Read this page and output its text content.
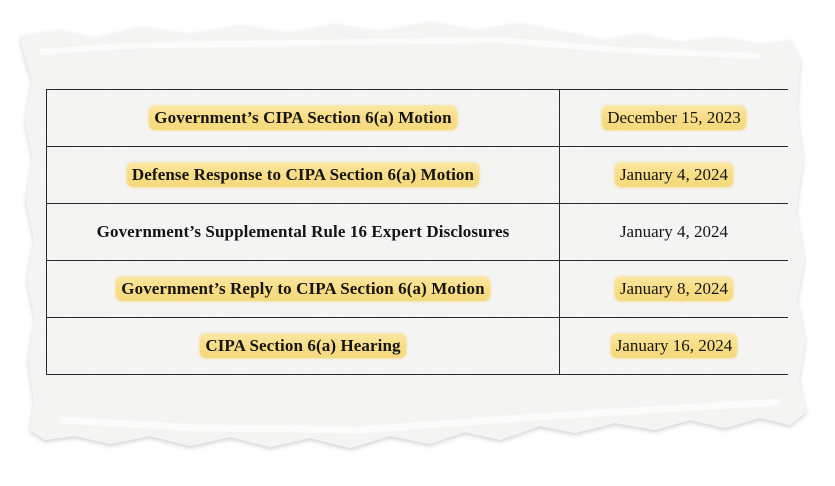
Government’s CIPA Section 6(a) Motion	December 15, 2023
Defense Response to CIPA Section 6(a) Motion	January 4, 2024
Government’s Supplemental Rule 16 Expert Disclosures	January 4, 2024
Government’s Reply to CIPA Section 6(a) Motion	January 8, 2024
CIPA Section 6(a) Hearing	January 16, 2024
